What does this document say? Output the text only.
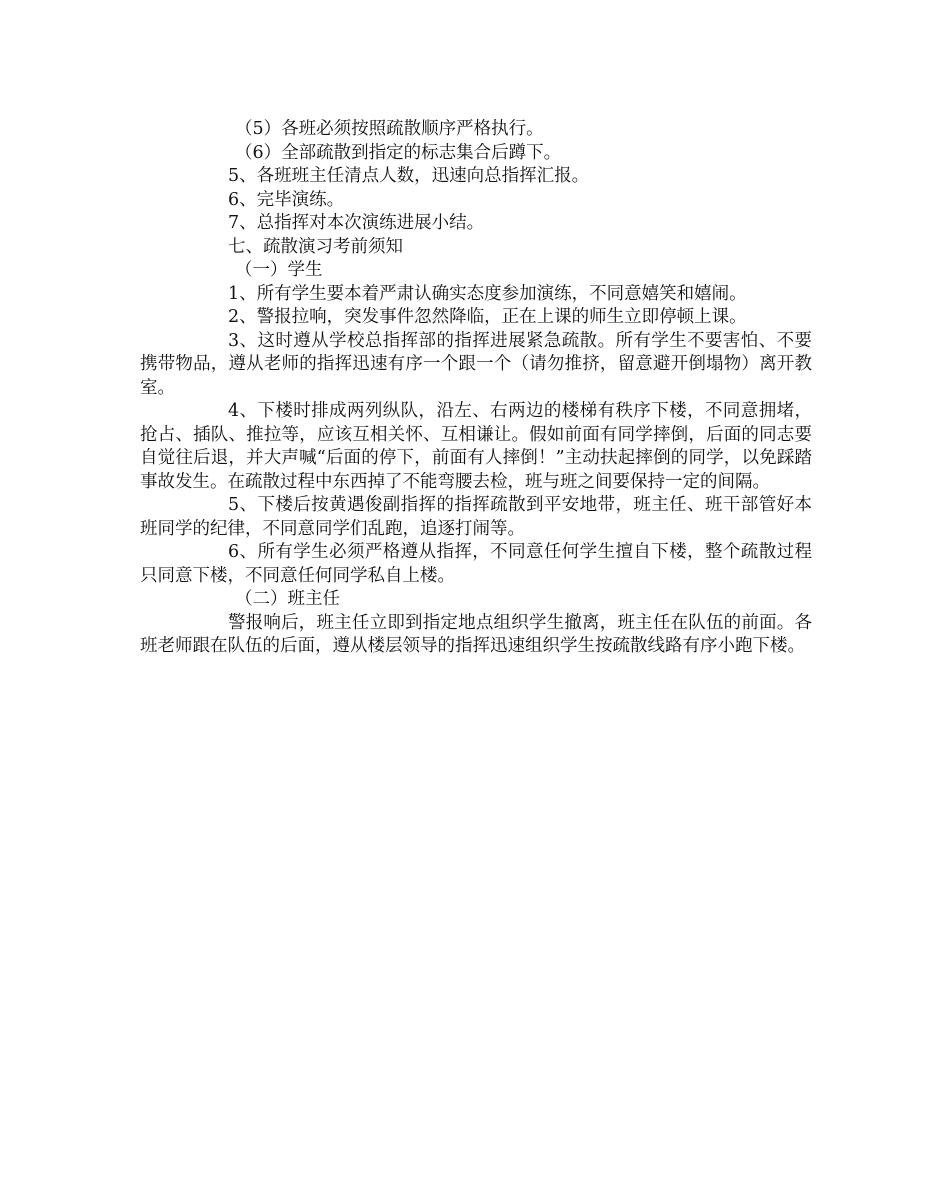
（5）各班必须按照疏散顺序严格执行。
（6）全部疏散到指定的标志集合后蹲下。
5、各班班主任清点人数，迅速向总指挥汇报。
6、完毕演练。
7、总指挥对本次演练进展小结。
七、疏散演习考前须知
（一）学生

1、所有学生要本着严肃认确实态度参加演练，不同意嬉笑和嬉闹。

2、警报拉响，突发事件忽然降临，正在上课的师生立即停顿上课。

3、这时遵从学校总指挥部的指挥进展紧急疏散。所有学生不要害怕、不要携带物品，遵从老师的指挥迅速有序一个跟一个（请勿推挤，留意避开倒塌物）离开教室。

4、下楼时排成两列纵队，沿左、右两边的楼梯有秩序下楼，不同意拥堵，抢占、插队、推拉等，应该互相关怀、互相谦让。假如前面有同学摔倒，后面的同志要自觉往后退，并大声喊“后面的停下，前面有人摔倒！”主动扶起摔倒的同学，以免踩踏事故发生。在疏散过程中东西掉了不能弯腰去检，班与班之间要保持一定的间隔。

5、下楼后按黄遇俊副指挥的指挥疏散到平安地带，班主任、班干部管好本班同学的纪律，不同意同学们乱跑，追逐打闹等。

6、所有学生必须严格遵从指挥，不同意任何学生擅自下楼，整个疏散过程只同意下楼，不同意任何同学私自上楼。

（二）班主任

警报响后，班主任立即到指定地点组织学生撤离，班主任在队伍的前面。各班老师跟在队伍的后面，遵从楼层领导的指挥迅速组织学生按疏散线路有序小跑下楼。
